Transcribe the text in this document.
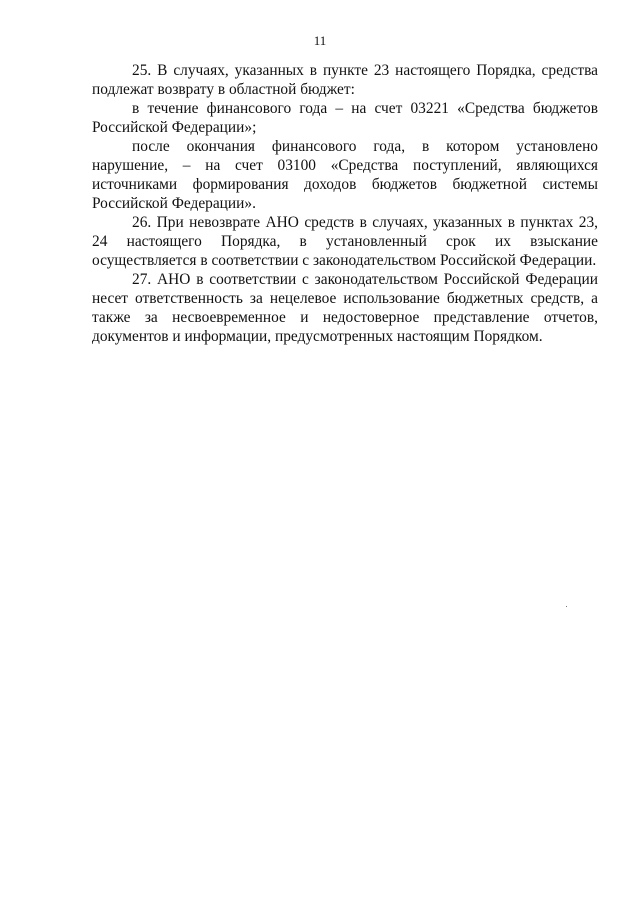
11

25. В случаях, указанных в пункте 23 настоящего Порядка, средства подлежат возврату в областной бюджет:

в течение финансового года – на счет 03221 «Средства бюджетов Российской Федерации»;

после окончания финансового года, в котором установлено нарушение, – на счет 03100 «Средства поступлений, являющихся источниками формирования доходов бюджетов бюджетной системы Российской Федерации».

26. При невозврате АНО средств в случаях, указанных в пунктах 23, 24 настоящего Порядка, в установленный срок их взыскание осуществляется в соответствии с законодательством Российской Федерации.

27. АНО в соответствии с законодательством Российской Федерации несет ответственность за нецелевое использование бюджетных средств, а также за несвоевременное и недостоверное представление отчетов, документов и информации, предусмотренных настоящим Порядком.
